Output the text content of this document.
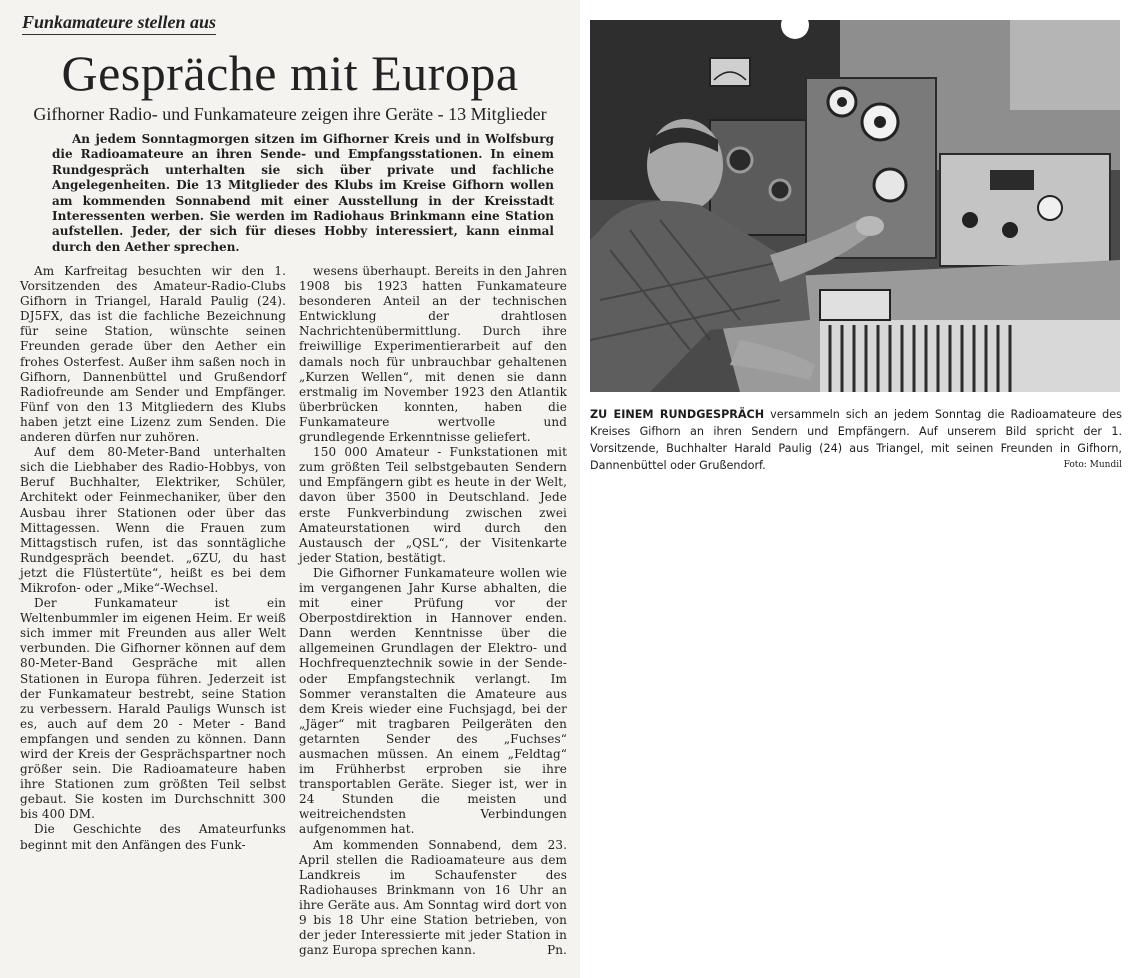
Funkamateure stellen aus
Gespräche mit Europa
Gifhorner Radio- und Funkamateure zeigen ihre Geräte - 13 Mitglieder
An jedem Sonntagmorgen sitzen im Gifhorner Kreis und in Wolfsburg die Radioamateure an ihren Sende- und Empfangsstationen. In einem Rundgespräch unterhalten sie sich über private und fachliche Angelegenheiten. Die 13 Mitglieder des Klubs im Kreise Gifhorn wollen am kommenden Sonnabend mit einer Ausstellung in der Kreisstadt Interessenten werben. Sie werden im Radiohaus Brinkmann eine Station aufstellen. Jeder, der sich für dieses Hobby interessiert, kann einmal durch den Aether sprechen.

Am Karfreitag besuchten wir den 1. Vorsitzenden des Amateur-Radio-Clubs Gifhorn in Triangel, Harald Paulig (24). DJ5FX, das ist die fachliche Bezeichnung für seine Station, wünschte seinen Freunden gerade über den Aether ein frohes Osterfest. Außer ihm saßen noch in Gifhorn, Dannenbüttel und Grußendorf Radiofreunde am Sender und Empfänger. Fünf von den 13 Mitgliedern des Klubs haben jetzt eine Lizenz zum Senden. Die anderen dürfen nur zuhören.

Auf dem 80-Meter-Band unterhalten sich die Liebhaber des Radio-Hobbys, von Beruf Buchhalter, Elektriker, Schüler, Architekt oder Feinmechaniker, über den Ausbau ihrer Stationen oder über das Mittagessen. Wenn die Frauen zum Mittagstisch rufen, ist das sonntägliche Rundgespräch beendet. „6ZU, du hast jetzt die Flüstertüte“, heißt es bei dem Mikrofon- oder „Mike“-Wechsel.

Der Funkamateur ist ein Weltenbummler im eigenen Heim. Er weiß sich immer mit Freunden aus aller Welt verbunden. Die Gifhorner können auf dem 80-Meter-Band Gespräche mit allen Stationen in Europa führen. Jederzeit ist der Funkamateur bestrebt, seine Station zu verbessern. Harald Pauligs Wunsch ist es, auch auf dem 20 - Meter - Band empfangen und senden zu können. Dann wird der Kreis der Gesprächspartner noch größer sein. Die Radioamateure haben ihre Stationen zum größten Teil selbst gebaut. Sie kosten im Durchschnitt 300 bis 400 DM.

Die Geschichte des Amateurfunks beginnt mit den Anfängen des Funk-

wesens überhaupt. Bereits in den Jahren 1908 bis 1923 hatten Funkamateure besonderen Anteil an der technischen Entwicklung der drahtlosen Nachrichtenübermittlung. Durch ihre freiwillige Experimentierarbeit auf den damals noch für unbrauchbar gehaltenen „Kurzen Wellen“, mit denen sie dann erstmalig im November 1923 den Atlantik überbrücken konnten, haben die Funkamateure wertvolle und grundlegende Erkenntnisse geliefert.

150 000 Amateur - Funkstationen mit zum größten Teil selbstgebauten Sendern und Empfängern gibt es heute in der Welt, davon über 3500 in Deutschland. Jede erste Funkverbindung zwischen zwei Amateurstationen wird durch den Austausch der „QSL“, der Visitenkarte jeder Station, bestätigt.

Die Gifhorner Funkamateure wollen wie im vergangenen Jahr Kurse abhalten, die mit einer Prüfung vor der Oberpostdirektion in Hannover enden. Dann werden Kenntnisse über die allgemeinen Grundlagen der Elektro- und Hochfrequenztechnik sowie in der Sende- oder Empfangstechnik verlangt. Im Sommer veranstalten die Amateure aus dem Kreis wieder eine Fuchsjagd, bei der „Jäger“ mit tragbaren Peilgeräten den getarnten Sender des „Fuchses“ ausmachen müssen. An einem „Feldtag“ im Frühherbst erproben sie ihre transportablen Geräte. Sieger ist, wer in 24 Stunden die meisten und weitreichendsten Verbindungen aufgenommen hat.

Am kommenden Sonnabend, dem 23. April stellen die Radioamateure aus dem Landkreis im Schaufenster des Radiohauses Brinkmann von 16 Uhr an ihre Geräte aus. Am Sonntag wird dort von 9 bis 18 Uhr eine Station betrieben, von der jeder Interessierte mit jeder Station in ganz Europa sprechen kann.	Pn.

ZU EINEM RUNDGESPRÄCH versammeln sich an jedem Sonntag die Radioamateure des Kreises Gifhorn an ihren Sendern und Empfängern. Auf unserem Bild spricht der 1. Vorsitzende, Buchhalter Harald Paulig (24) aus Triangel, mit seinen Freunden in Gifhorn, Dannenbüttel oder Grußendorf.	Foto: Mundil
